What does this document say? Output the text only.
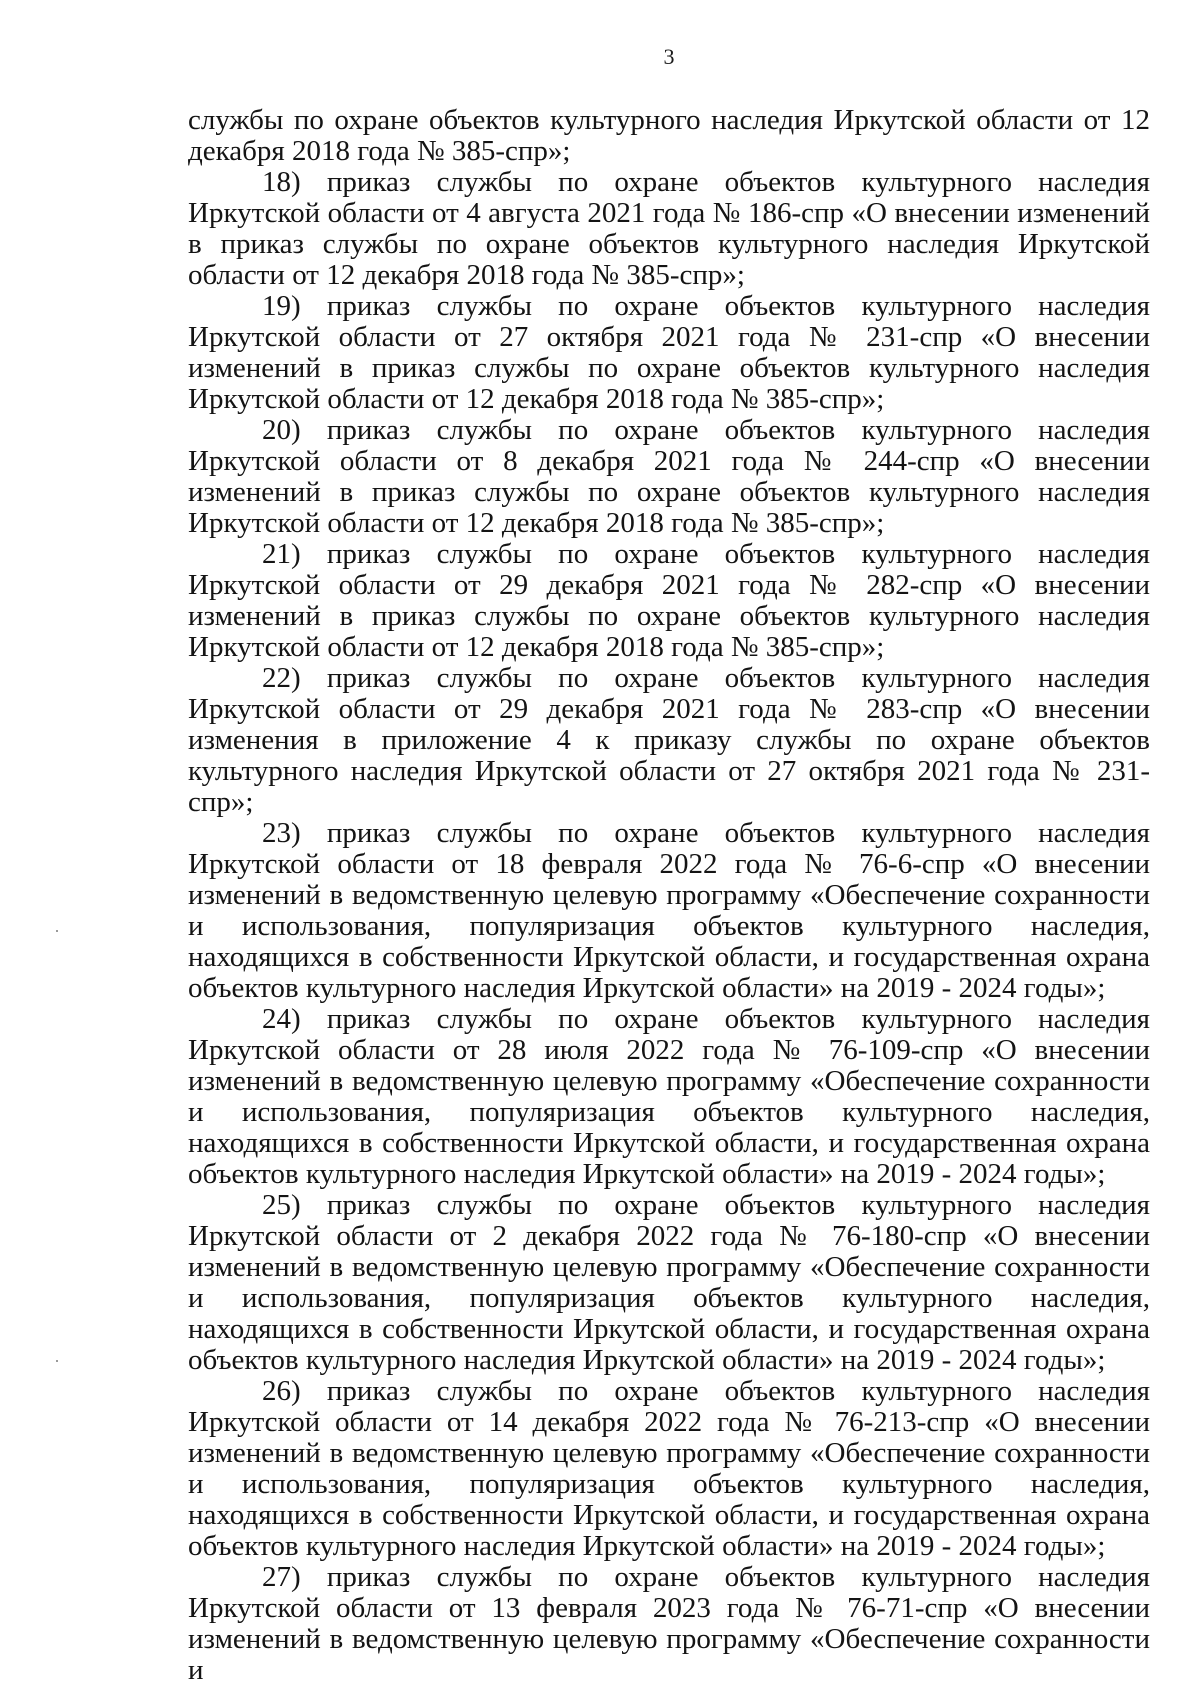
3

службы по охране объектов культурного наследия Иркутской области от 12 декабря 2018 года № 385-спр»;

18) приказ службы по охране объектов культурного наследия Иркутской области от 4 августа 2021 года № 186-спр «О внесении изменений в приказ службы по охране объектов культурного наследия Иркутской области от 12 декабря 2018 года № 385-спр»;

19) приказ службы по охране объектов культурного наследия Иркутской области от 27 октября 2021 года № 231-спр «О внесении изменений в приказ службы по охране объектов культурного наследия Иркутской области от 12 декабря 2018 года № 385-спр»;

20) приказ службы по охране объектов культурного наследия Иркутской области от 8 декабря 2021 года № 244-спр «О внесении изменений в приказ службы по охране объектов культурного наследия Иркутской области от 12 декабря 2018 года № 385-спр»;

21) приказ службы по охране объектов культурного наследия Иркутской области от 29 декабря 2021 года № 282-спр «О внесении изменений в приказ службы по охране объектов культурного наследия Иркутской области от 12 декабря 2018 года № 385-спр»;

22) приказ службы по охране объектов культурного наследия Иркутской области от 29 декабря 2021 года № 283-спр «О внесении изменения в приложение 4 к приказу службы по охране объектов культурного наследия Иркутской области от 27 октября 2021 года № 231-спр»;

23) приказ службы по охране объектов культурного наследия Иркутской области от 18 февраля 2022 года № 76-6-спр «О внесении изменений в ведомственную целевую программу «Обеспечение сохранности и использования, популяризация объектов культурного наследия, находящихся в собственности Иркутской области, и государственная охрана объектов культурного наследия Иркутской области» на 2019 - 2024 годы»;

24) приказ службы по охране объектов культурного наследия Иркутской области от 28 июля 2022 года № 76-109-спр «О внесении изменений в ведомственную целевую программу «Обеспечение сохранности и использования, популяризация объектов культурного наследия, находящихся в собственности Иркутской области, и государственная охрана объектов культурного наследия Иркутской области» на 2019 - 2024 годы»;

25) приказ службы по охране объектов культурного наследия Иркутской области от 2 декабря 2022 года № 76-180-спр «О внесении изменений в ведомственную целевую программу «Обеспечение сохранности и использования, популяризация объектов культурного наследия, находящихся в собственности Иркутской области, и государственная охрана объектов культурного наследия Иркутской области» на 2019 - 2024 годы»;

26) приказ службы по охране объектов культурного наследия Иркутской области от 14 декабря 2022 года № 76-213-спр «О внесении изменений в ведомственную целевую программу «Обеспечение сохранности и использования, популяризация объектов культурного наследия, находящихся в собственности Иркутской области, и государственная охрана объектов культурного наследия Иркутской области» на 2019 - 2024 годы»;

27) приказ службы по охране объектов культурного наследия Иркутской области от 13 февраля 2023 года № 76-71-спр «О внесении изменений в ведомственную целевую программу «Обеспечение сохранности и
